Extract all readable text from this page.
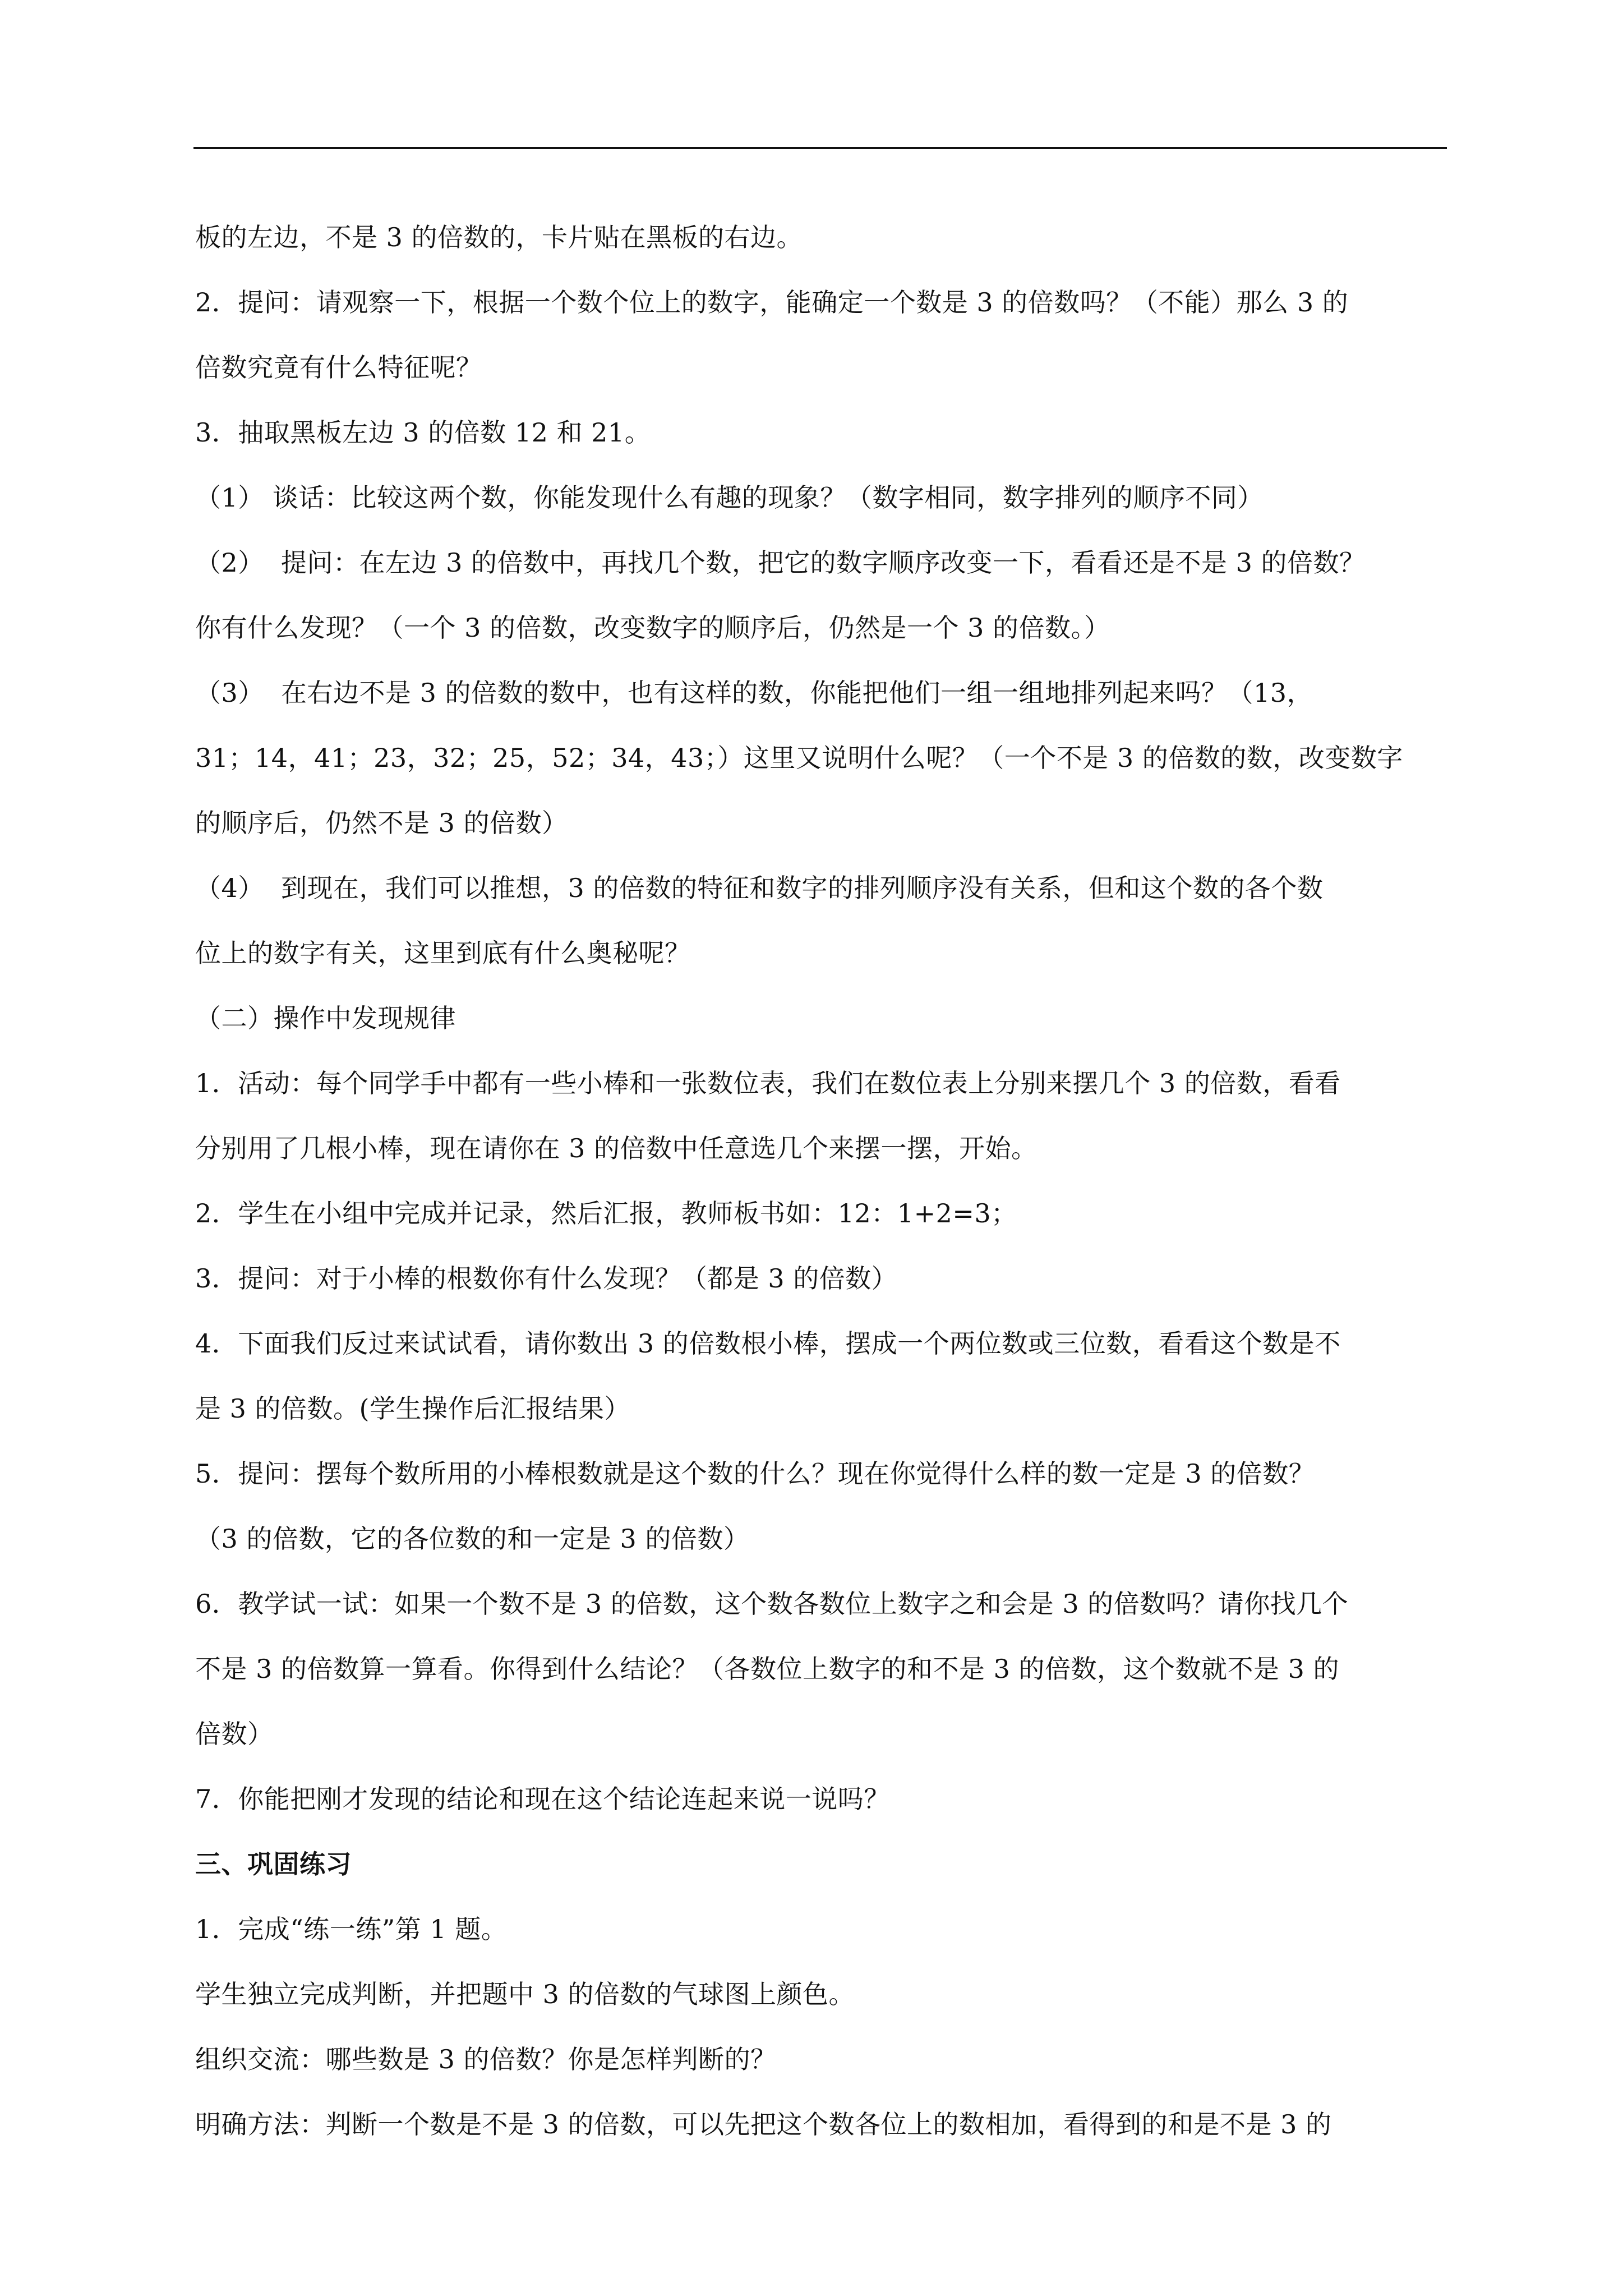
板的左边，不是 3 的倍数的，卡片贴在黑板的右边。
2．提问：请观察一下，根据一个数个位上的数字，能确定一个数是 3 的倍数吗？（不能）那么 3 的
倍数究竟有什么特征呢？
3．抽取黑板左边 3 的倍数 12 和 21。
（1） 谈话：比较这两个数，你能发现什么有趣的现象？（数字相同，数字排列的顺序不同）
（2）  提问：在左边 3 的倍数中，再找几个数，把它的数字顺序改变一下，看看还是不是 3 的倍数？
你有什么发现？（一个 3 的倍数，改变数字的顺序后，仍然是一个 3 的倍数。）
（3）  在右边不是 3 的倍数的数中，也有这样的数，你能把他们一组一组地排列起来吗？（13，
31；14，41；23，32；25，52；34，43；）这里又说明什么呢？（一个不是 3 的倍数的数，改变数字
的顺序后，仍然不是 3 的倍数）
（4）  到现在，我们可以推想，3 的倍数的特征和数字的排列顺序没有关系，但和这个数的各个数
位上的数字有关，这里到底有什么奥秘呢？
（二）操作中发现规律
1．活动：每个同学手中都有一些小棒和一张数位表，我们在数位表上分别来摆几个 3 的倍数，看看
分别用了几根小棒，现在请你在 3 的倍数中任意选几个来摆一摆，开始。
2．学生在小组中完成并记录，然后汇报，教师板书如：12：1+2=3；
3．提问：对于小棒的根数你有什么发现？（都是 3 的倍数）
4．下面我们反过来试试看，请你数出 3 的倍数根小棒，摆成一个两位数或三位数，看看这个数是不
是 3 的倍数。(学生操作后汇报结果）
5．提问：摆每个数所用的小棒根数就是这个数的什么？现在你觉得什么样的数一定是 3 的倍数？
（3 的倍数，它的各位数的和一定是 3 的倍数）
6．教学试一试：如果一个数不是 3 的倍数，这个数各数位上数字之和会是 3 的倍数吗？请你找几个
不是 3 的倍数算一算看。你得到什么结论？（各数位上数字的和不是 3 的倍数，这个数就不是 3 的
倍数）
7．你能把刚才发现的结论和现在这个结论连起来说一说吗？
三、巩固练习
1．完成“练一练”第 1 题。
学生独立完成判断，并把题中 3 的倍数的气球图上颜色。
组织交流：哪些数是 3 的倍数？你是怎样判断的？
明确方法：判断一个数是不是 3 的倍数，可以先把这个数各位上的数相加，看得到的和是不是 3 的
